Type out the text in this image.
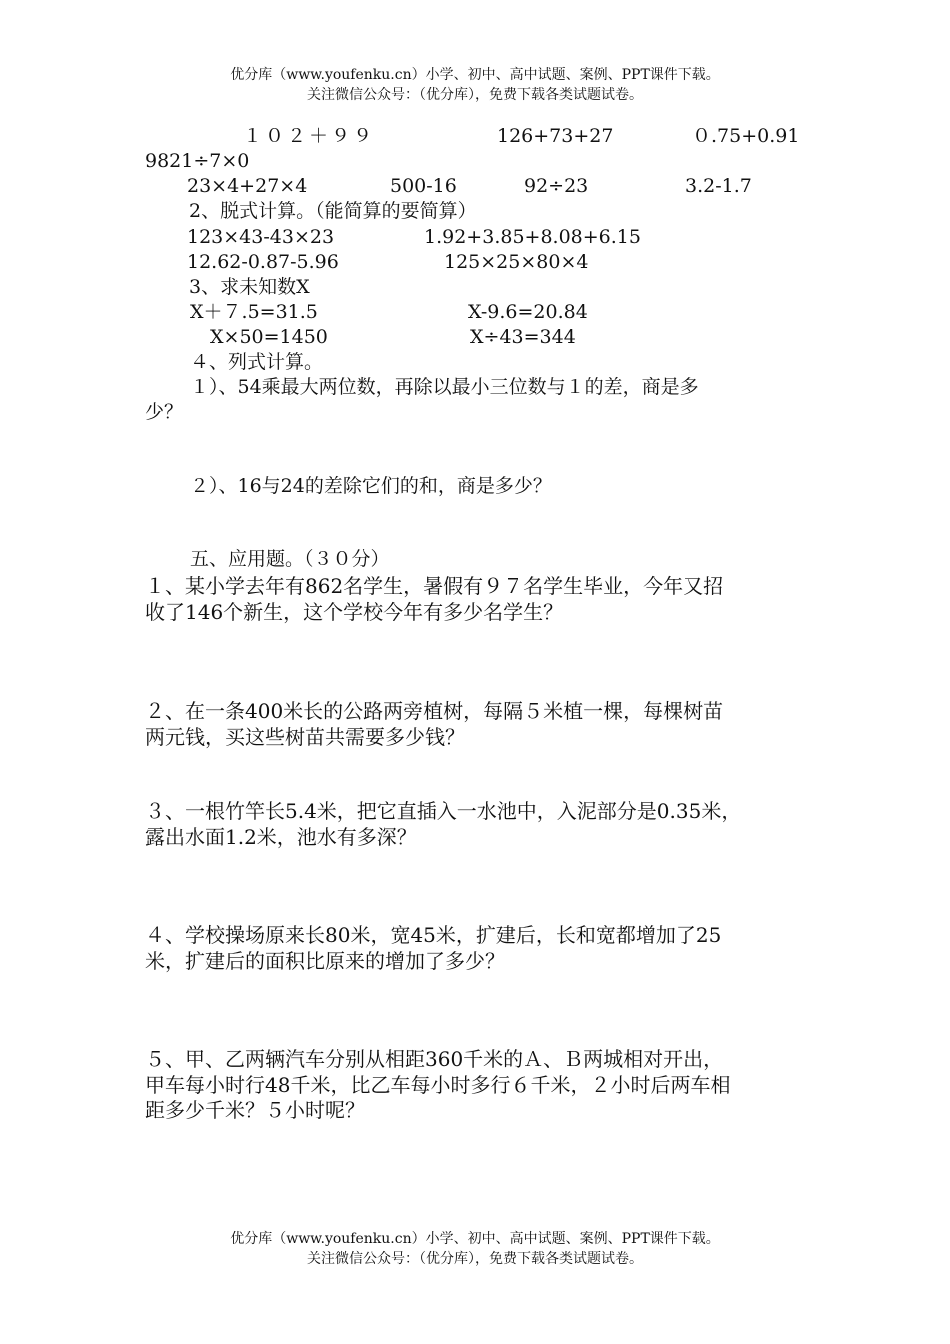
优分库（www.youfenku.cn）小学、初中、高中试题、案例、PPT课件下载。
关注微信公众号：（优分库），免费下载各类试题试卷。
１０２＋９９	126+73+27	０.75+0.91
9821÷7×0
23×4+27×4	500-16	92÷23	3.2-1.7
2、脱式计算。（能简算的要简算）
123×43-43×23	1.92+3.85+8.08+6.15
12.62-0.87-5.96	125×25×80×4
3、求未知数X
X＋７.5=31.5	X-9.6=20.84
X×50=1450	X÷43=344
４、列式计算。
１）、54乘最大两位数，再除以最小三位数与１的差，商是多
少？
２）、16与24的差除它们的和，商是多少？
五、应用题。（３０分）
１、某小学去年有862名学生，暑假有９７名学生毕业，今年又招
收了146个新生，这个学校今年有多少名学生？
２、在一条400米长的公路两旁植树，每隔５米植一棵，每棵树苗
两元钱，买这些树苗共需要多少钱？
３、一根竹竿长5.4米，把它直插入一水池中，入泥部分是0.35米，
露出水面1.2米，池水有多深？
４、学校操场原来长80米，宽45米，扩建后，长和宽都增加了25
米，扩建后的面积比原来的增加了多少？
５、甲、乙两辆汽车分别从相距360千米的Ａ、Ｂ两城相对开出，
甲车每小时行48千米，比乙车每小时多行６千米，２小时后两车相
距多少千米？５小时呢？
优分库（www.youfenku.cn）小学、初中、高中试题、案例、PPT课件下载。
关注微信公众号：（优分库），免费下载各类试题试卷。
